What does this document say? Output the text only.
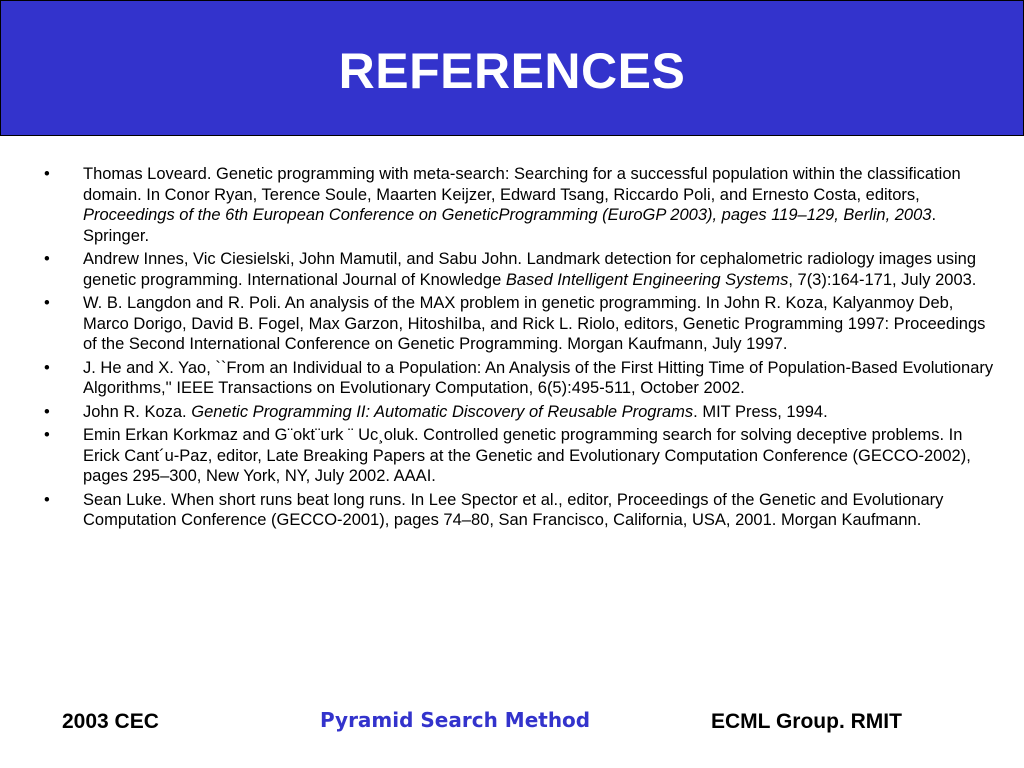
REFERENCES
•	Thomas Loveard. Genetic programming with meta-search: Searching for a successful population within the classification domain. In Conor Ryan, Terence Soule, Maarten Keijzer, Edward Tsang, Riccardo Poli, and Ernesto Costa, editors, Proceedings of the 6th European Conference on GeneticProgramming (EuroGP 2003), pages 119–129, Berlin, 2003. Springer.
•	Andrew Innes, Vic Ciesielski, John Mamutil, and Sabu John. Landmark detection for cephalometric radiology images using genetic programming. International Journal of Knowledge Based Intelligent Engineering Systems, 7(3):164-171, July 2003.
•	W. B. Langdon and R. Poli. An analysis of the MAX problem in genetic programming. In John R. Koza, Kalyanmoy Deb, Marco Dorigo, David B. Fogel, Max Garzon, HitoshiIba, and Rick L. Riolo, editors, Genetic Programming 1997: Proceedings of the Second International Conference on Genetic Programming. Morgan Kaufmann, July 1997.
•	J. He and X. Yao, ``From an Individual to a Population: An Analysis of the First Hitting Time of Population-Based Evolutionary Algorithms,'' IEEE Transactions on Evolutionary Computation, 6(5):495-511, October 2002.
•	John R. Koza. Genetic Programming II: Automatic Discovery of Reusable Programs. MIT Press, 1994.
•	Emin Erkan Korkmaz and G¨okt¨urk ¨ Uc¸oluk. Controlled genetic programming search for solving deceptive problems. In Erick Cant´u-Paz, editor, Late Breaking Papers at the Genetic and Evolutionary Computation Conference (GECCO-2002), pages 295–300, New York, NY, July 2002. AAAI.
•	Sean Luke. When short runs beat long runs. In Lee Spector et al., editor, Proceedings of the Genetic and Evolutionary Computation Conference (GECCO-2001), pages 74–80, San Francisco, California, USA, 2001. Morgan Kaufmann.
2003 CEC	Pyramid Search Method	ECML Group. RMIT
